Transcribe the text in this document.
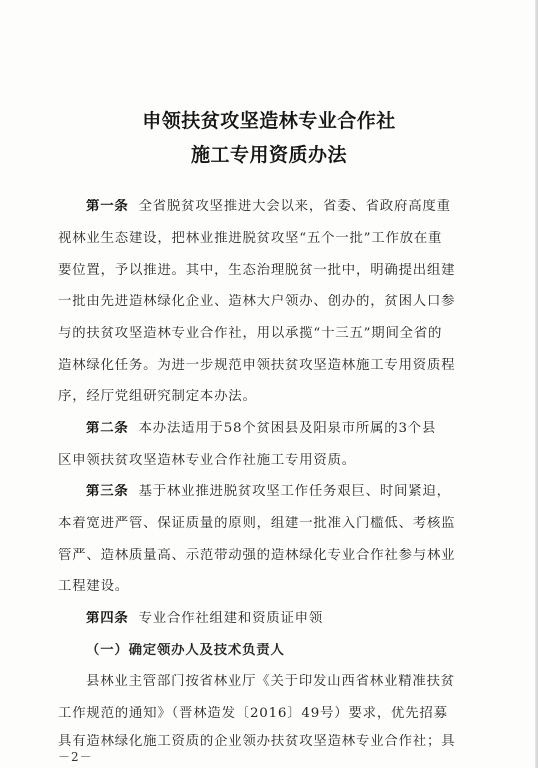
申领扶贫攻坚造林专业合作社
施工专用资质办法
第一条 全省脱贫攻坚推进大会以来，省委、省政府高度重
视林业生态建设，把林业推进脱贫攻坚“五个一批”工作放在重
要位置，予以推进。其中，生态治理脱贫一批中，明确提出组建
一批由先进造林绿化企业、造林大户领办、创办的，贫困人口参
与的扶贫攻坚造林专业合作社，用以承揽“十三五”期间全省的
造林绿化任务。为进一步规范申领扶贫攻坚造林施工专用资质程
序，经厅党组研究制定本办法。
第二条 本办法适用于58个贫困县及阳泉市所属的3个县
区申领扶贫攻坚造林专业合作社施工专用资质。
第三条 基于林业推进脱贫攻坚工作任务艰巨、时间紧迫，
本着宽进严管、保证质量的原则，组建一批准入门槛低、考核监
管严、造林质量高、示范带动强的造林绿化专业合作社参与林业
工程建设。
第四条 专业合作社组建和资质证申领
（一）确定领办人及技术负责人
县林业主管部门按省林业厅《关于印发山西省林业精准扶贫
工作规范的通知》（晋林造发〔2016〕49号）要求，优先招募
具有造林绿化施工资质的企业领办扶贫攻坚造林专业合作社；具
－2－
